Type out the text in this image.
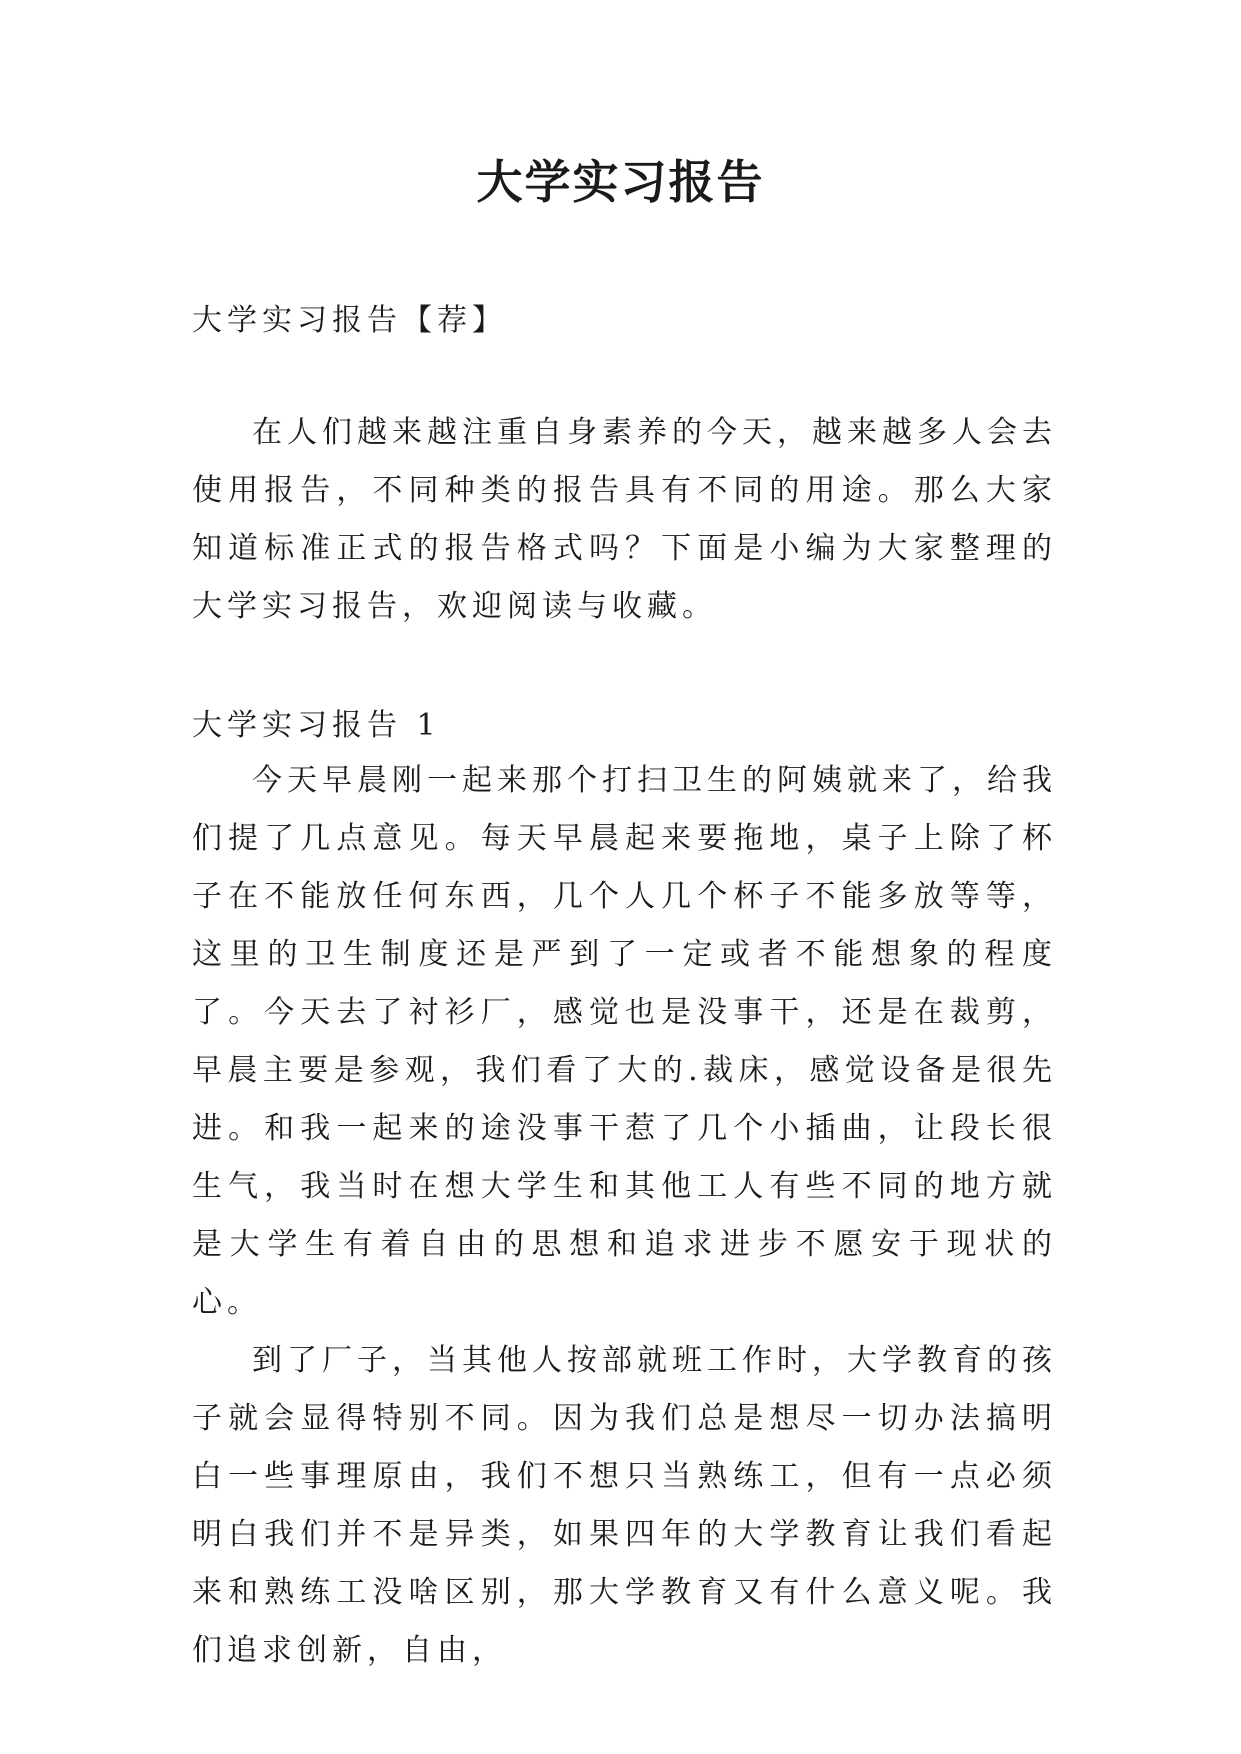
大学实习报告

大学实习报告【荐】

在人们越来越注重自身素养的今天，越来越多人会去使用报告，不同种类的报告具有不同的用途。那么大家知道标准正式的报告格式吗？下面是小编为大家整理的大学实习报告，欢迎阅读与收藏。

大学实习报告 1

今天早晨刚一起来那个打扫卫生的阿姨就来了，给我们提了几点意见。每天早晨起来要拖地，桌子上除了杯子在不能放任何东西，几个人几个杯子不能多放等等，这里的卫生制度还是严到了一定或者不能想象的程度了。今天去了衬衫厂，感觉也是没事干，还是在裁剪，早晨主要是参观，我们看了大的.裁床，感觉设备是很先进。和我一起来的途没事干惹了几个小插曲，让段长很生气，我当时在想大学生和其他工人有些不同的地方就是大学生有着自由的思想和追求进步不愿安于现状的心。

到了厂子，当其他人按部就班工作时，大学教育的孩子就会显得特别不同。因为我们总是想尽一切办法搞明白一些事理原由，我们不想只当熟练工，但有一点必须明白我们并不是异类，如果四年的大学教育让我们看起来和熟练工没啥区别，那大学教育又有什么意义呢。我们追求创新，自由，
